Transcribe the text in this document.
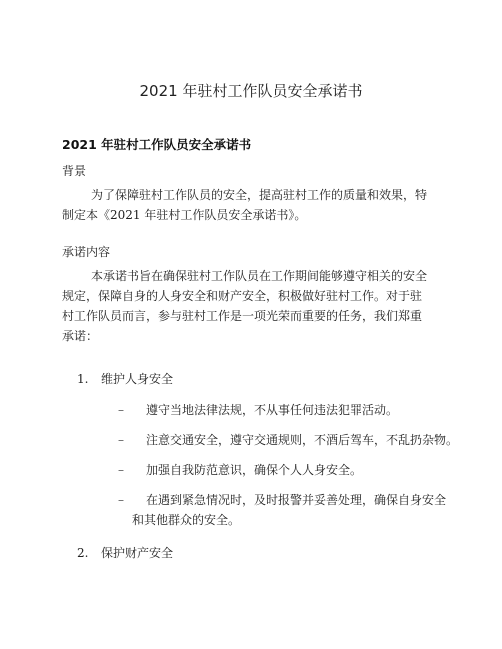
2021 年驻村工作队员安全承诺书
2021 年驻村工作队员安全承诺书
背景
为了保障驻村工作队员的安全，提高驻村工作的质量和效果，特
制定本《2021 年驻村工作队员安全承诺书》。
承诺内容
本承诺书旨在确保驻村工作队员在工作期间能够遵守相关的安全
规定，保障自身的人身安全和财产安全，积极做好驻村工作。对于驻
村工作队员而言，参与驻村工作是一项光荣而重要的任务，我们郑重
承诺：
1. 维护人身安全
– 遵守当地法律法规，不从事任何违法犯罪活动。
– 注意交通安全，遵守交通规则，不酒后驾车，不乱扔杂物。
– 加强自我防范意识，确保个人人身安全。
– 在遇到紧急情况时，及时报警并妥善处理，确保自身安全
和其他群众的安全。
2. 保护财产安全
